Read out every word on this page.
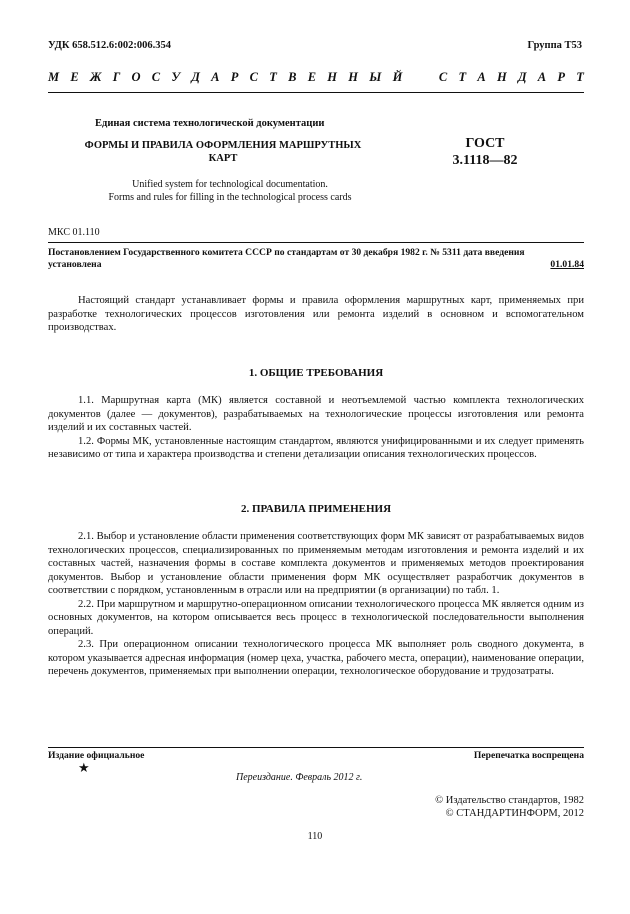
УДК 658.512.6:002:006.354	Группа Т53
М Е Ж Г О С У Д А Р С Т В Е Н Н Ы Й	С Т А Н Д А Р Т
Единая система технологической документации
ФОРМЫ И ПРАВИЛА ОФОРМЛЕНИЯ МАРШРУТНЫХ
КАРТ
ГОСТ
3.1118—82
Unified system for technological documentation.
Forms and rules for filling in the technological process cards
МКС 01.110
Постановлением Государственного комитета СССР по стандартам от 30 декабря 1982 г. № 5311 дата введения
установлена	01.01.84
Настоящий стандарт устанавливает формы и правила оформления маршрутных карт, применяемых при разработке технологических процессов изготовления или ремонта изделий в основном и вспомогательном производствах.
1. ОБЩИЕ ТРЕБОВАНИЯ
1.1. Маршрутная карта (МК) является составной и неотъемлемой частью комплекта технологических документов (далее — документов), разрабатываемых на технологические процессы изготовления или ремонта изделий и их составных частей.
1.2. Формы МК, установленные настоящим стандартом, являются унифицированными и их следует применять независимо от типа и характера производства и степени детализации описания технологических процессов.
2. ПРАВИЛА ПРИМЕНЕНИЯ
2.1. Выбор и установление области применения соответствующих форм МК зависят от разрабатываемых видов технологических процессов, специализированных по применяемым методам изготовления и ремонта изделий и их составных частей, назначения формы в составе комплекта документов и применяемых методов проектирования документов. Выбор и установление области применения форм МК осуществляет разработчик документов в соответствии с порядком, установленным в отрасли или на предприятии (в организации) по табл. 1.
2.2. При маршрутном и маршрутно-операционном описании технологического процесса МК является одним из основных документов, на котором описывается весь процесс в технологической последовательности выполнения операций.
2.3. При операционном описании технологического процесса МК выполняет роль сводного документа, в котором указывается адресная информация (номер цеха, участка, рабочего места, операции), наименование операции, перечень документов, применяемых при выполнении операции, технологическое оборудование и трудозатраты.
Издание официальное	Перепечатка воспрещена
★
Переиздание. Февраль 2012 г.
© Издательство стандартов, 1982
© СТАНДАРТИНФОРМ, 2012
110
